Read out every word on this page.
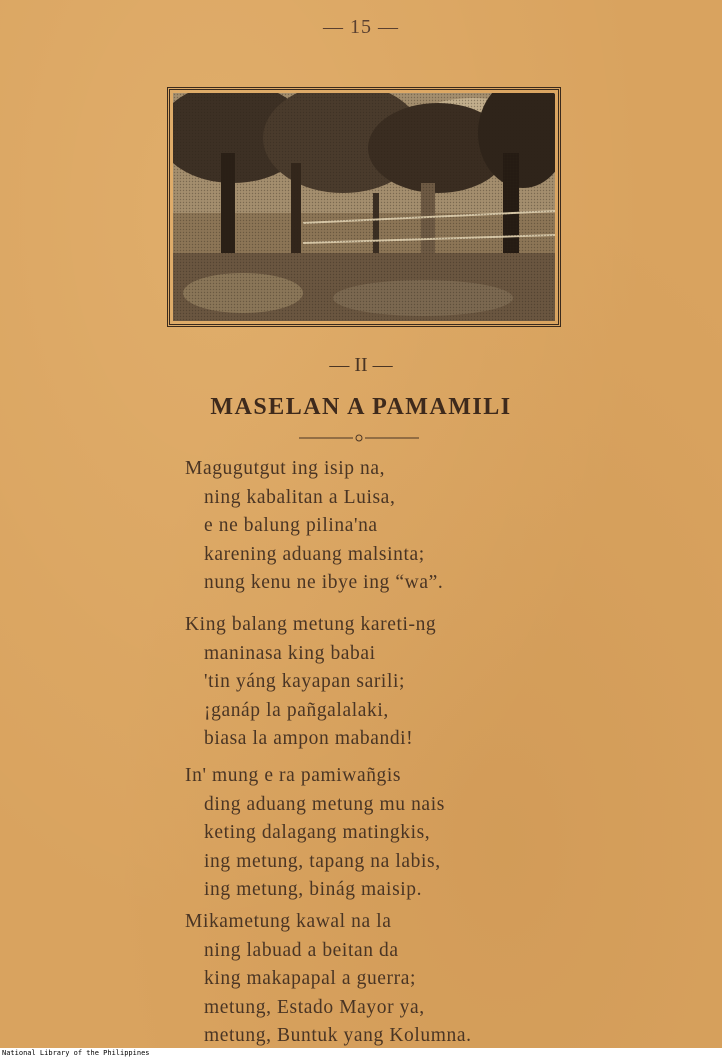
— 15 —
— II —
MASELAN A PAMAMILI
Magugutgut ing isip na,
ning kabalitan a Luisa,
e ne balung pilina'na
karening aduang malsinta;
nung kenu ne ibye ing “wa”.
King balang metung kareti-ng
maninasa king babai
'tin yáng kayapan sarili;
¡ganáp la pañgalalaki,
biasa la ampon mabandi!
In' mung e ra pamiwañgis
ding aduang metung mu nais
keting dalagang matingkis,
ing metung, tapang na labis,
ing metung, binág maisip.
Mikametung kawal na la
ning labuad a beitan da
king makapapal a guerra;
metung, Estado Mayor ya,
metung, Buntuk yang Kolumna.
National Library of the Philippines
